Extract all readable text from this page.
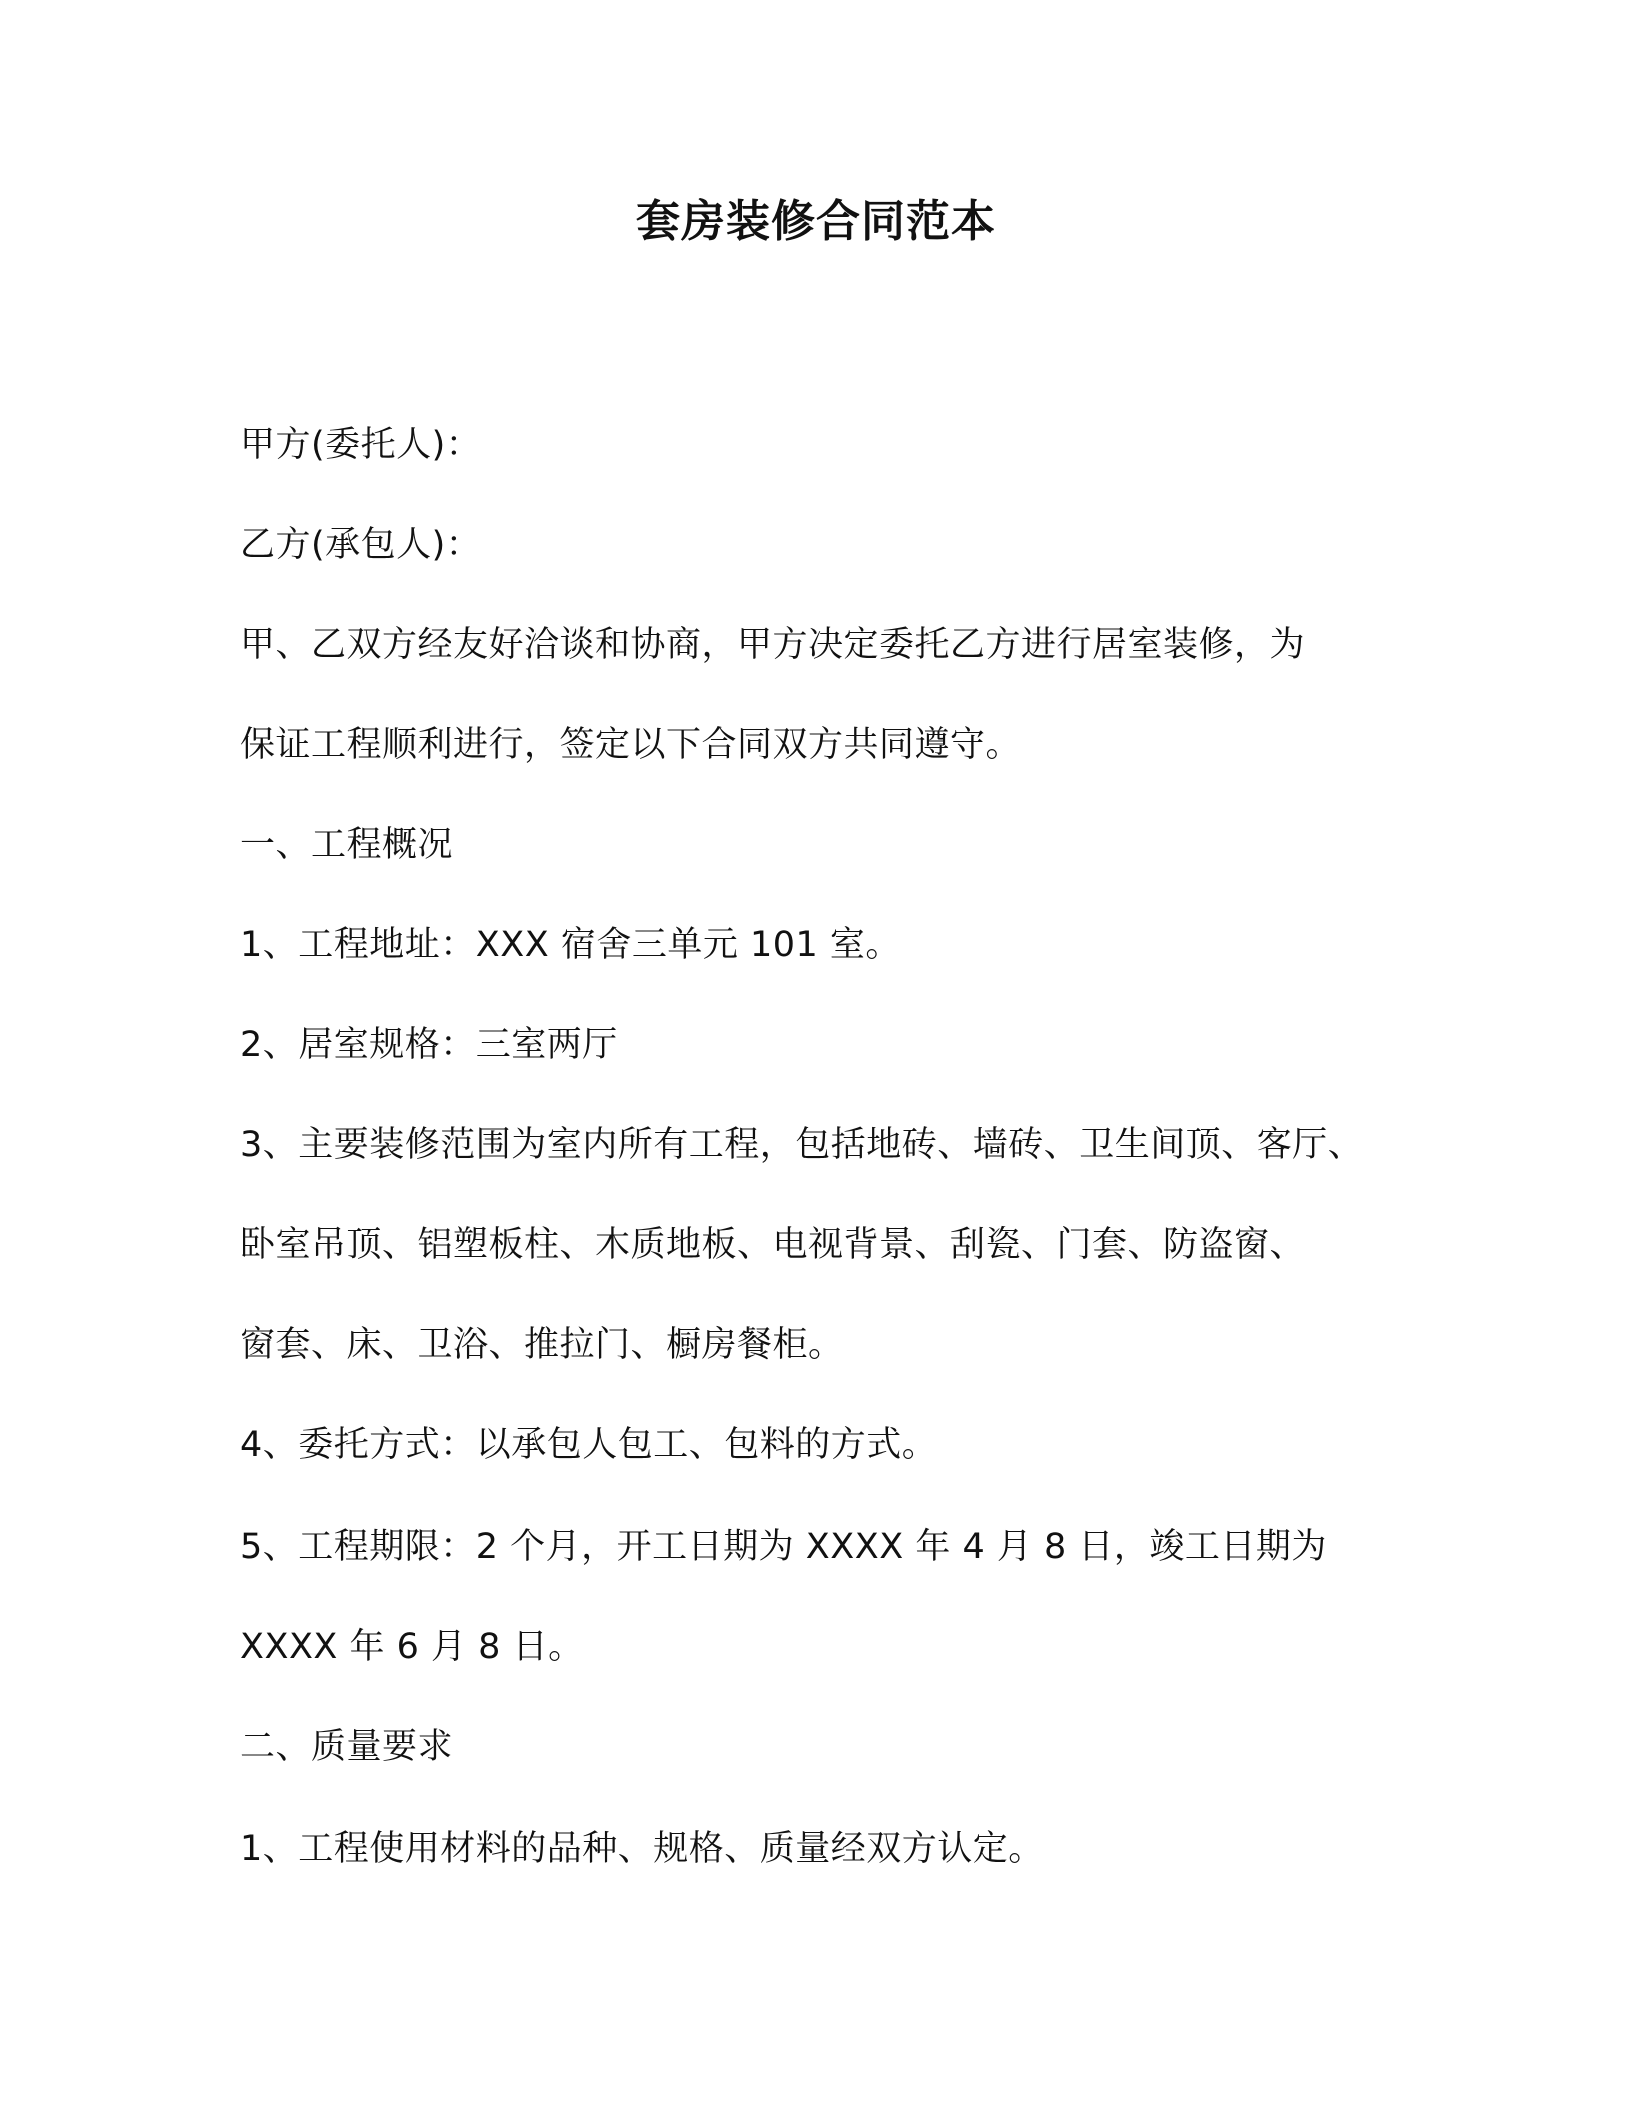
套房装修合同范本

甲方(委托人)：

乙方(承包人)：

甲、乙双方经友好洽谈和协商，甲方决定委托乙方进行居室装修，为

保证工程顺利进行，签定以下合同双方共同遵守。

一、工程概况

1、工程地址：XXX 宿舍三单元 101 室。

2、居室规格：三室两厅

3、主要装修范围为室内所有工程，包括地砖、墙砖、卫生间顶、客厅、

卧室吊顶、铝塑板柱、木质地板、电视背景、刮瓷、门套、防盗窗、

窗套、床、卫浴、推拉门、橱房餐柜。

4、委托方式：以承包人包工、包料的方式。

5、工程期限：2 个月，开工日期为 XXXX 年 4 月 8 日，竣工日期为

XXXX 年 6 月 8 日。

二、质量要求

1、工程使用材料的品种、规格、质量经双方认定。
